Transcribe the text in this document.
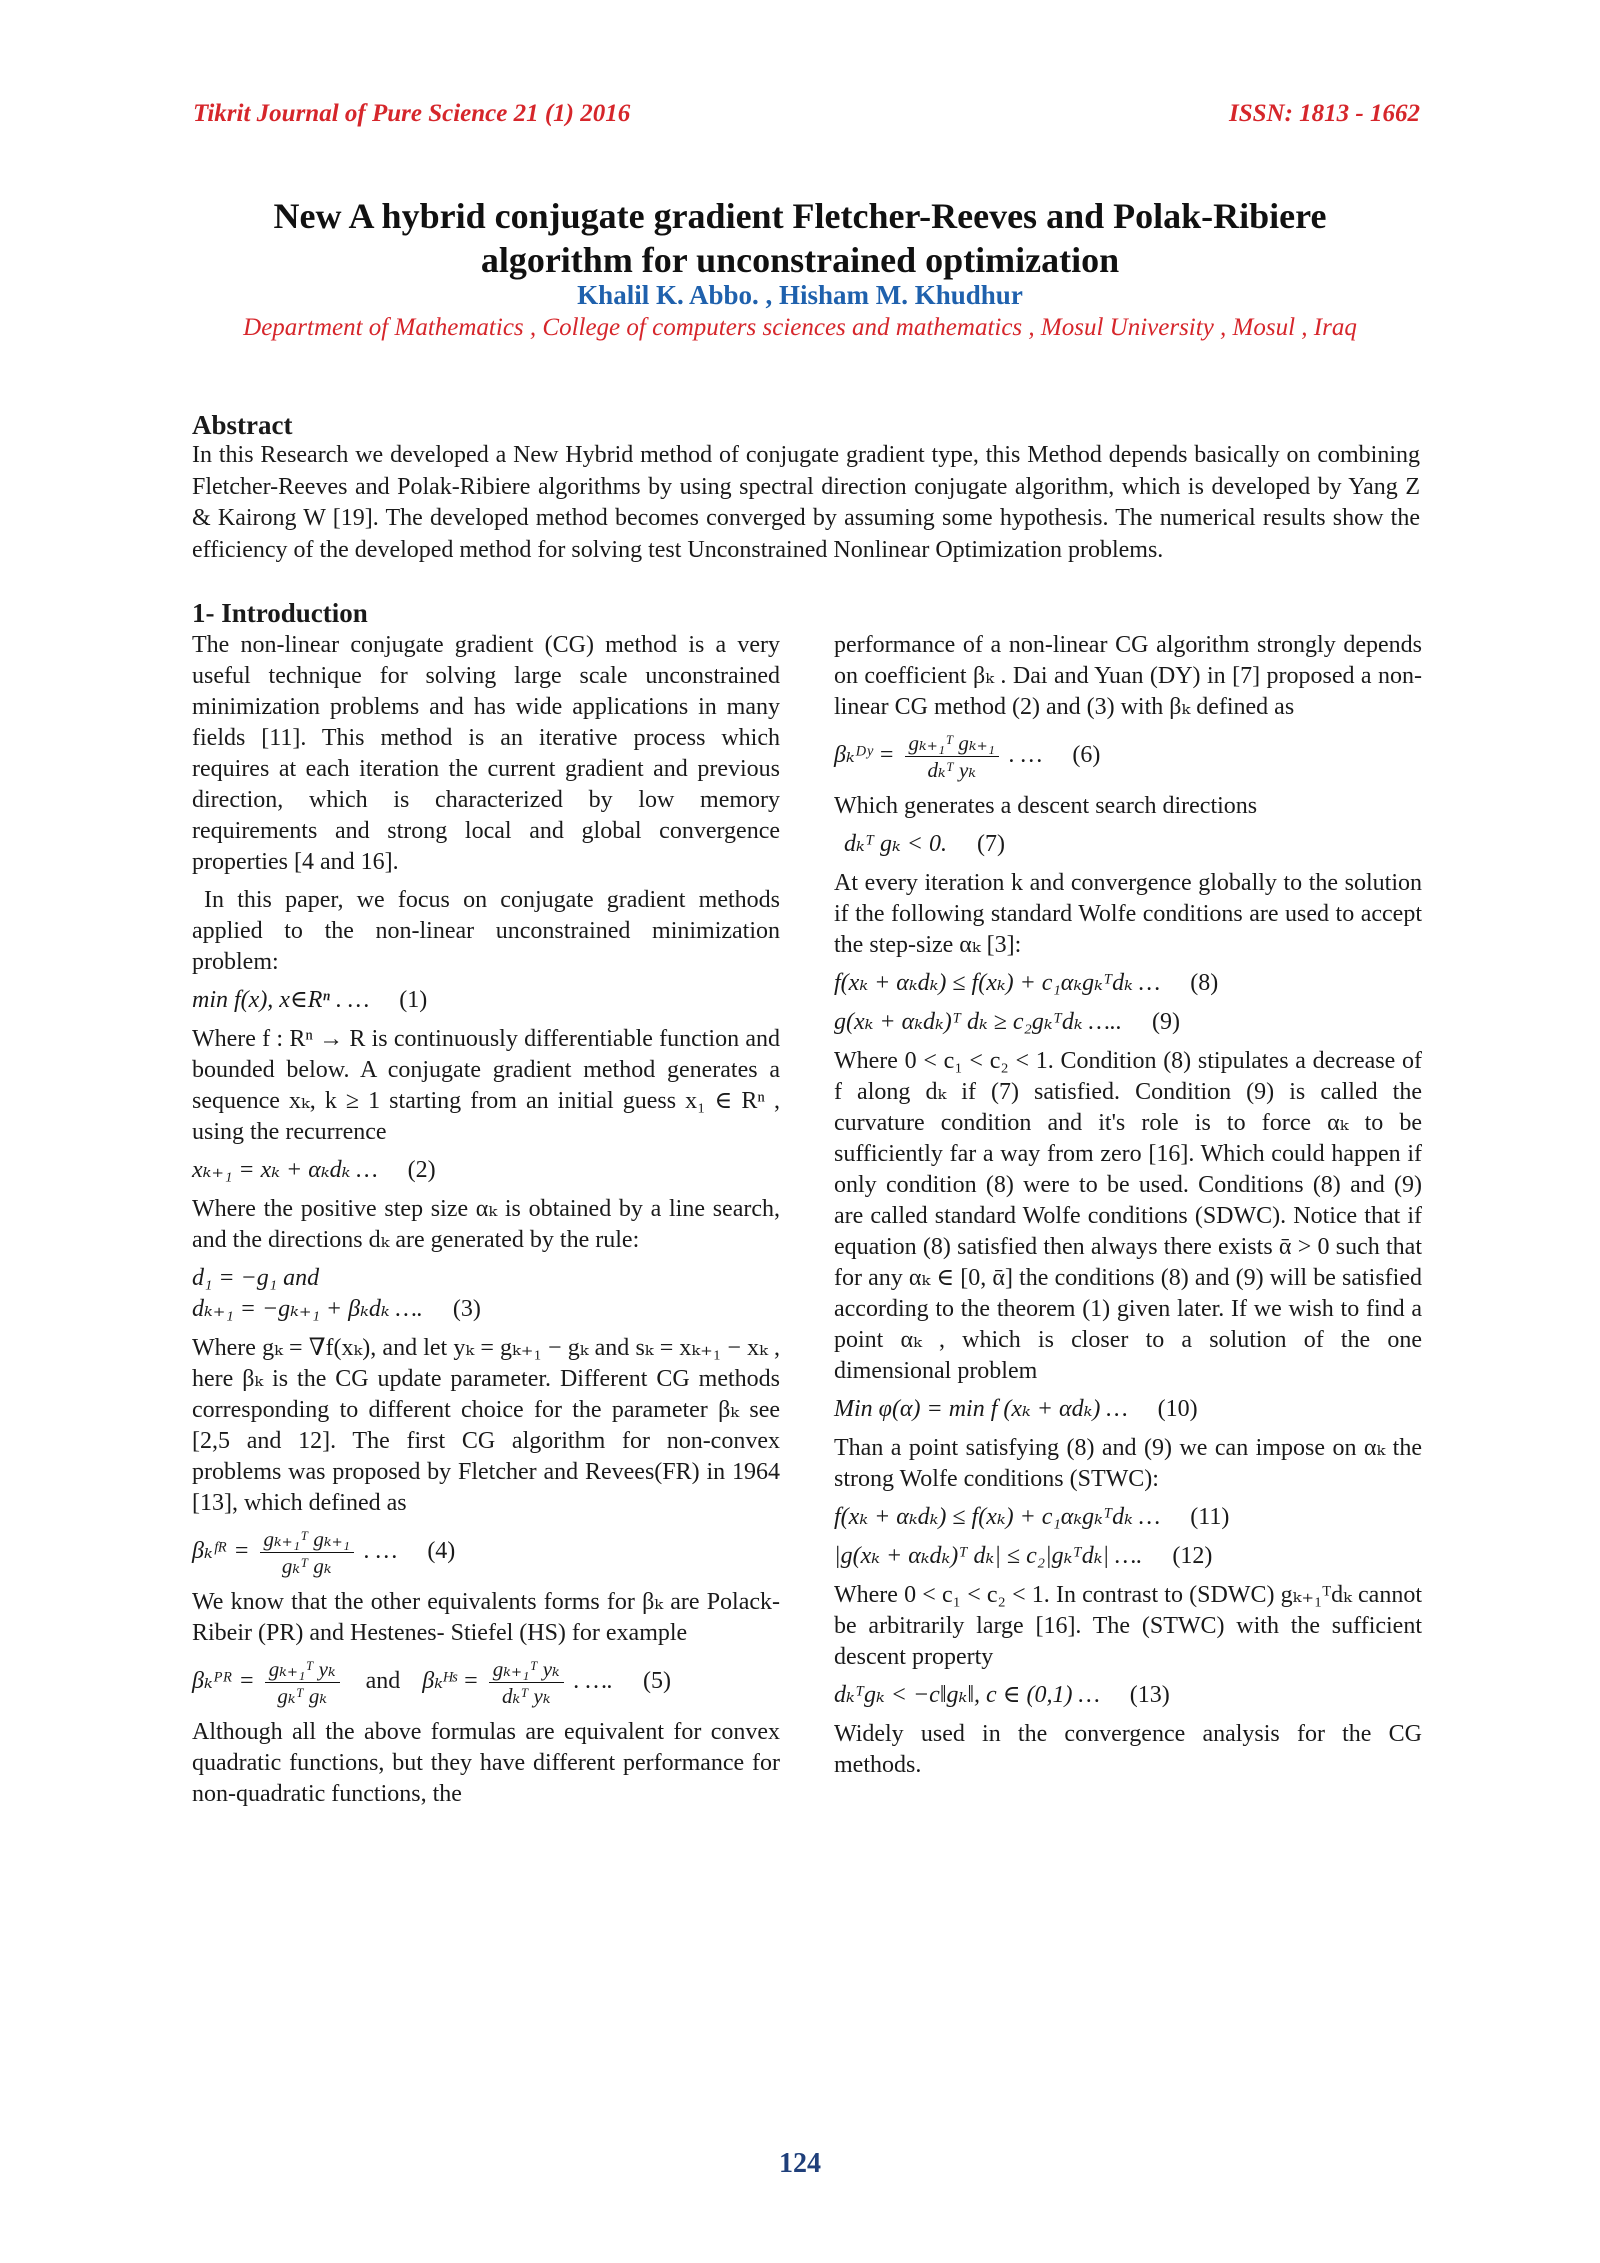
Tikrit Journal of Pure Science 21 (1) 2016	ISSN: 1813 - 1662
New A hybrid conjugate gradient Fletcher-Reeves and Polak-Ribiere
algorithm for unconstrained optimization
Khalil K. Abbo. , Hisham M. Khudhur
Department of Mathematics , College of computers sciences and mathematics , Mosul University , Mosul , Iraq
Abstract
In this Research we developed a New Hybrid method of conjugate gradient type, this Method depends basically on combining Fletcher-Reeves and Polak-Ribiere algorithms by using spectral direction conjugate algorithm, which is developed by Yang Z & Kairong W [19]. The developed method becomes converged by assuming some hypothesis. The numerical results show the efficiency of the developed method for solving test Unconstrained Nonlinear Optimization problems.
1- Introduction

The non-linear conjugate gradient (CG) method is a very useful technique for solving large scale unconstrained minimization problems and has wide applications in many fields [11]. This method is an iterative process which requires at each iteration the current gradient and previous direction, which is characterized by low memory requirements and strong local and global convergence properties [4 and 16].

In this paper, we focus on conjugate gradient methods applied to the non-linear unconstrained minimization problem:

min f(x), x∈Rⁿ . … (1)

Where f : Rⁿ → R is continuously differentiable function and bounded below. A conjugate gradient method generates a sequence xₖ, k ≥ 1 starting from an initial guess x₁ ∈ Rⁿ , using the recurrence

xₖ₊₁ = xₖ + αₖdₖ … (2)

Where the positive step size αₖ is obtained by a line search, and the directions dₖ are generated by the rule:

d₁ = −g₁ and
dₖ₊₁ = −gₖ₊₁ + βₖdₖ …. (3)

Where gₖ = ∇f(xₖ), and let yₖ = gₖ₊₁ − gₖ and sₖ = xₖ₊₁ − xₖ , here βₖ is the CG update parameter. Different CG methods corresponding to different choice for the parameter βₖ see [2,5 and 12]. The first CG algorithm for non-convex problems was proposed by Fletcher and Revees(FR) in 1964 [13], which defined as

βₖᶠᴿ = $\frac{\text{gₖ₊₁ᵀ gₖ₊₁}}{\text{gₖᵀ gₖ}}$ . … (4)

We know that the other equivalents forms for βₖ are Polack-Ribeir (PR) and Hestenes- Stiefel (HS) for example

βₖᴾᴿ = $\frac{\text{gₖ₊₁ᵀ yₖ}}{\text{gₖᵀ gₖ}}$ and βₖᴴˢ = $\frac{\text{gₖ₊₁ᵀ yₖ}}{\text{dₖᵀ yₖ}}$ . …. (5)

Although all the above formulas are equivalent for convex quadratic functions, but they have different performance for non-quadratic functions, the

performance of a non-linear CG algorithm strongly depends on coefficient βₖ . Dai and Yuan (DY) in [7] proposed a non-linear CG method (2) and (3) with βₖ defined as

βₖᴰʸ = $\frac{\text{gₖ₊₁ᵀ gₖ₊₁}}{\text{dₖᵀ yₖ}}$ . … (6)

Which generates a descent search directions

dₖᵀ gₖ < 0. (7)

At every iteration k and convergence globally to the solution if the following standard Wolfe conditions are used to accept the step-size αₖ [3]:

f(xₖ + αₖdₖ) ≤ f(xₖ) + c₁αₖgₖᵀdₖ … (8)
g(xₖ + αₖdₖ)ᵀ dₖ ≥ c₂gₖᵀdₖ ….. (9)

Where 0 < c₁ < c₂ < 1. Condition (8) stipulates a decrease of f along dₖ if (7) satisfied. Condition (9) is called the curvature condition and it's role is to force αₖ to be sufficiently far a way from zero [16]. Which could happen if only condition (8) were to be used. Conditions (8) and (9) are called standard Wolfe conditions (SDWC). Notice that if equation (8) satisfied then always there exists ᾱ > 0 such that for any αₖ ∈ [0, ᾱ] the conditions (8) and (9) will be satisfied according to the theorem (1) given later. If we wish to find a point αₖ , which is closer to a solution of the one dimensional problem

Min φ(α) = min f (xₖ + αdₖ) … (10)

Than a point satisfying (8) and (9) we can impose on αₖ the strong Wolfe conditions (STWC):

f(xₖ + αₖdₖ) ≤ f(xₖ) + c₁αₖgₖᵀdₖ … (11)
|g(xₖ + αₖdₖ)ᵀ dₖ| ≤ c₂|gₖᵀdₖ| …. (12)

Where 0 < c₁ < c₂ < 1. In contrast to (SDWC) gₖ₊₁ᵀdₖ cannot be arbitrarily large [16]. The (STWC) with the sufficient descent property

dₖᵀgₖ < −c‖gₖ‖, c ∈ (0,1) … (13)

Widely used in the convergence analysis for the CG methods.

124
